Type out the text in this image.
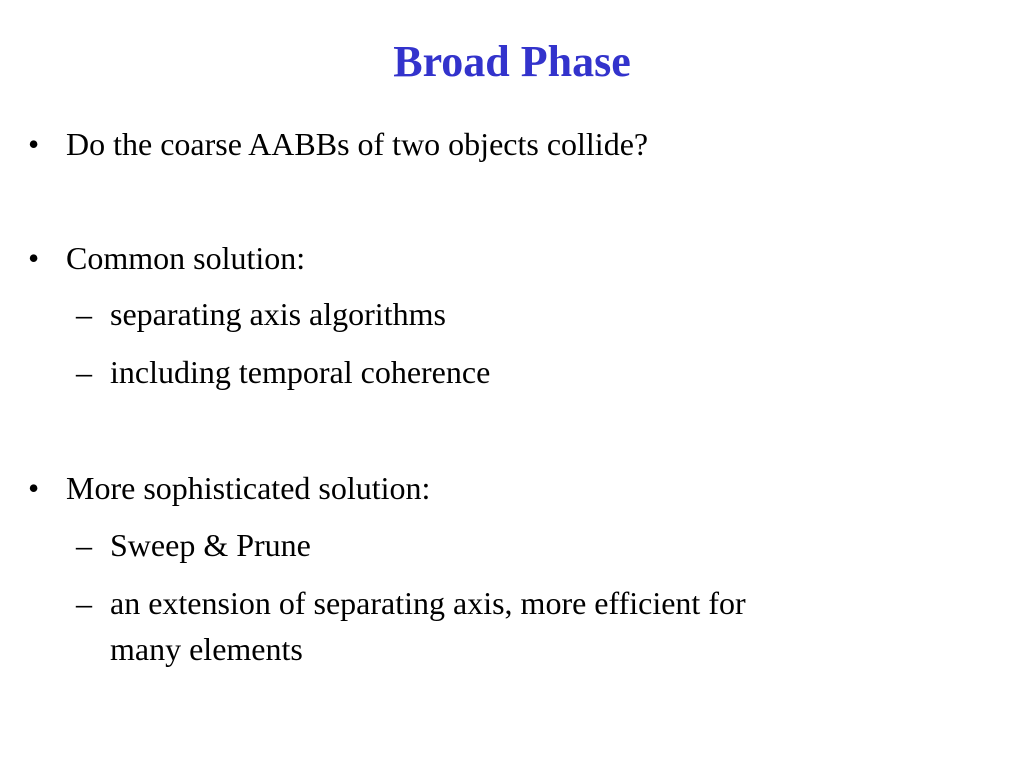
Broad Phase
• Do the coarse AABBs of two objects collide?
• Common solution:
– separating axis algorithms
– including temporal coherence
• More sophisticated solution:
– Sweep & Prune
– an extension of separating axis, more efficient for
many elements
